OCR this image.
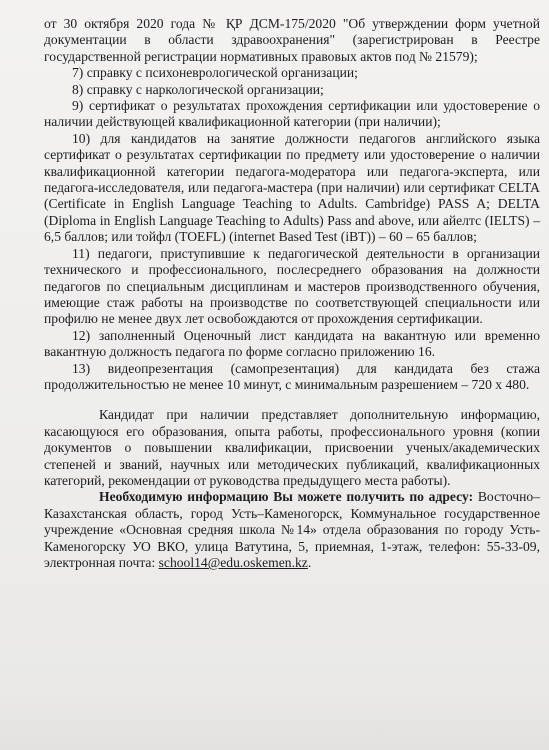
от 30 октября 2020 года № ҚР ДСМ-175/2020 "Об утверждении форм учетной документации в области здравоохранения" (зарегистрирован в Реестре государственной регистрации нормативных правовых актов под № 21579);

7) справку с психоневрологической организации;

8) справку с наркологической организации;

9) сертификат о результатах прохождения сертификации или удостоверение о наличии действующей квалификационной категории (при наличии);

10) для кандидатов на занятие должности педагогов английского языка сертификат о результатах сертификации по предмету или удостоверение о наличии квалификационной категории педагога-модератора или педагога-эксперта, или педагога-исследователя, или педагога-мастера (при наличии) или сертификат CELTA (Certificate in English Language Teaching to Adults. Cambridge) PASS A; DELTA (Diploma in English Language Teaching to Adults) Pass and above, или айелтс (IELTS) – 6,5 баллов; или тойфл (TOEFL) (internet Based Test (iBT)) – 60 – 65 баллов;

11) педагоги, приступившие к педагогической деятельности в организации технического и профессионального, послесреднего образования на должности педагогов по специальным дисциплинам и мастеров производственного обучения, имеющие стаж работы на производстве по соответствующей специальности или профилю не менее двух лет освобождаются от прохождения сертификации.

12) заполненный Оценочный лист кандидата на вакантную или временно вакантную должность педагога по форме согласно приложению 16.

13) видеопрезентация (самопрезентация) для кандидата без стажа продолжительностью не менее 10 минут, с минимальным разрешением – 720 x 480.

Кандидат при наличии представляет дополнительную информацию, касающуюся его образования, опыта работы, профессионального уровня (копии документов о повышении квалификации, присвоении ученых/академических степеней и званий, научных или методических публикаций, квалификационных категорий, рекомендации от руководства предыдущего места работы).

Необходимую информацию Вы можете получить по адресу: Восточно–Казахстанская область, город Усть–Каменогорск, Коммунальное государственное учреждение «Основная средняя школа №14» отдела образования по городу Усть-Каменогорску УО ВКО, улица Ватутина, 5, приемная, 1-этаж, телефон: 55-33-09, электронная почта: school14@edu.oskemen.kz.
